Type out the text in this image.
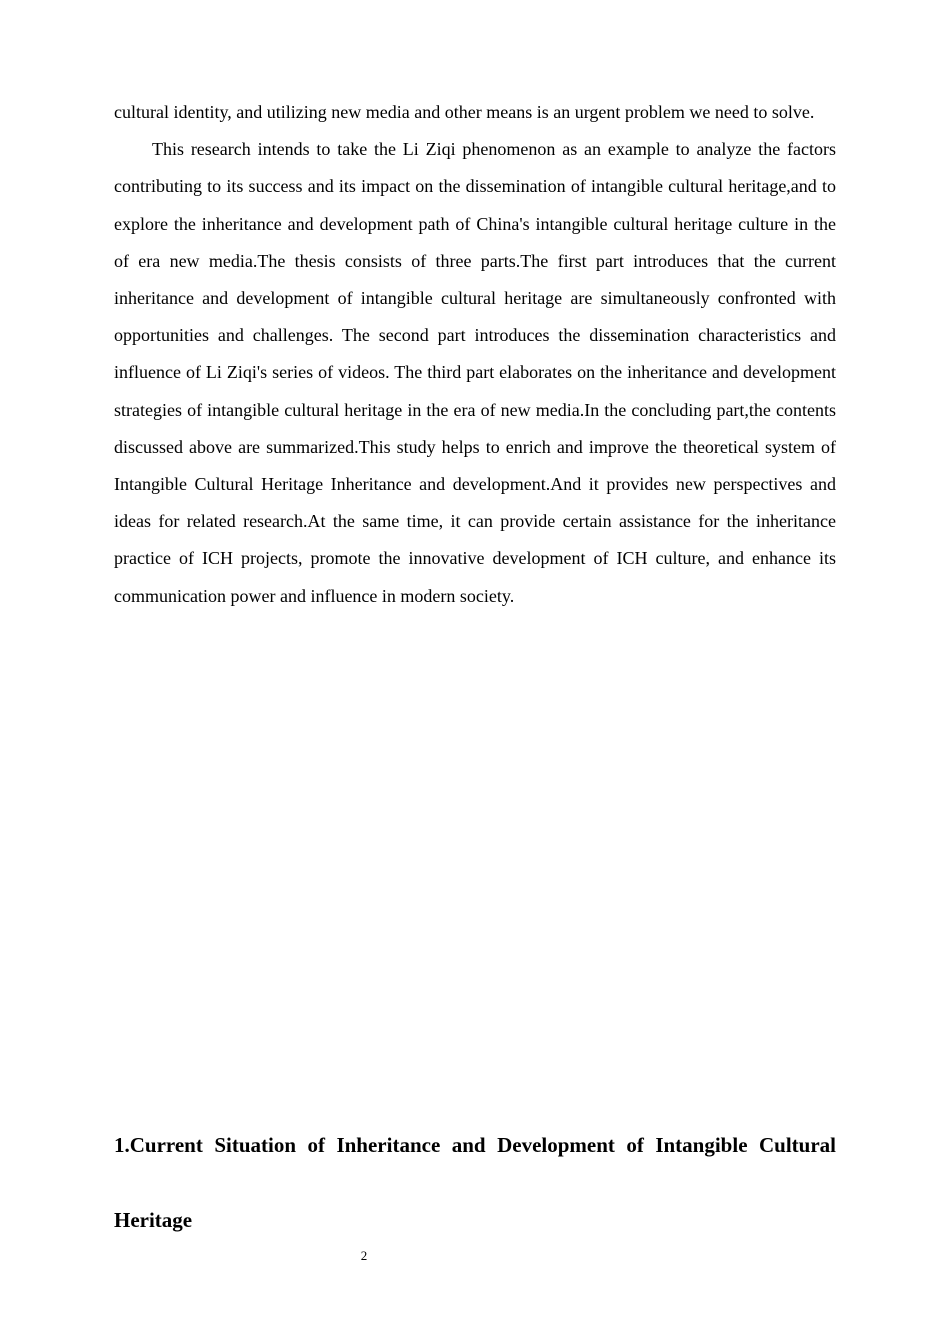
cultural identity, and utilizing new media and other means is an urgent problem we need to solve.

This research intends to take the Li Ziqi phenomenon as an example to analyze the factors contributing to its success and its impact on the dissemination of intangible cultural heritage,and to explore the inheritance and development path of China's intangible cultural heritage culture in the of era new media.The thesis consists of three parts.The first part introduces that the current inheritance and development of intangible cultural heritage are simultaneously confronted with opportunities and challenges. The second part introduces the dissemination characteristics and influence of Li Ziqi's series of videos. The third part elaborates on the inheritance and development strategies of intangible cultural heritage in the era of new media.In the concluding part,the contents discussed above are summarized.This study helps to enrich and improve the theoretical system of Intangible Cultural Heritage Inheritance and development.And it provides new perspectives and ideas for related research.At the same time, it can provide certain assistance for the inheritance practice of ICH projects, promote the innovative development of ICH culture, and enhance its communication power and influence in modern society.

1.Current Situation of Inheritance and Development of Intangible Cultural Heritage
2
